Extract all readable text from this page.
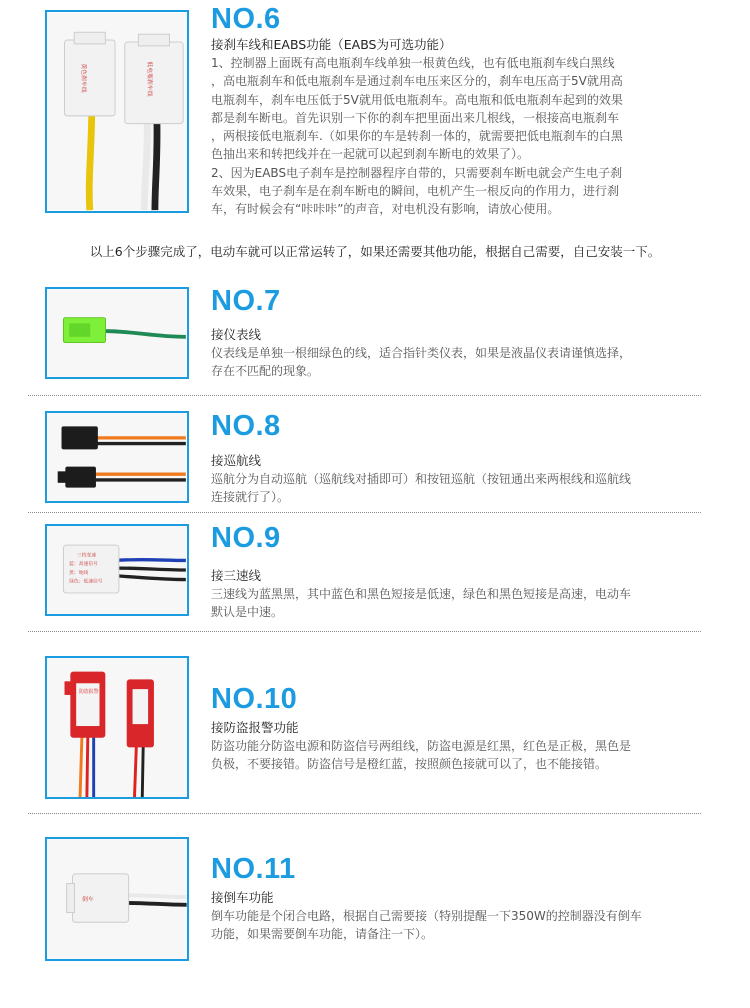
黄色刹车线	低电瓶刹车线
NO.6
接刹车线和EABS功能（EABS为可选功能）
1、控制器上面既有高电瓶刹车线单独一根黄色线，也有低电瓶刹车线白黑线
，高电瓶刹车和低电瓶刹车是通过刹车电压来区分的，刹车电压高于5V就用高
电瓶刹车，刹车电压低于5V就用低电瓶刹车。高电瓶和低电瓶刹车起到的效果
都是刹车断电。首先识别一下你的刹车把里面出来几根线，一根接高电瓶刹车
，两根接低电瓶刹车.（如果你的车是转刹一体的，就需要把低电瓶刹车的白黑
色抽出来和转把线并在一起就可以起到刹车断电的效果了）。
2、因为EABS电子刹车是控制器程序自带的，只需要刹车断电就会产生电子刹
车效果，电子刹车是在刹车断电的瞬间，电机产生一根反向的作用力，进行刹
车，有时候会有“咔咔咔”的声音，对电机没有影响，请放心使用。
以上6个步骤完成了，电动车就可以正常运转了，如果还需要其他功能，根据自己需要，自己安装一下。
NO.7
接仪表线
仪表线是单独一根细绿色的线，适合指针类仪表，如果是液晶仪表请谨慎选择，
存在不匹配的现象。
NO.8
接巡航线
巡航分为自动巡航（巡航线对插即可）和按钮巡航（按钮通出来两根线和巡航线
连接就行了）。
三档变速
蓝：高速信号
黑：地线
绿色：低速信号
NO.9
接三速线
三速线为蓝黑黑，其中蓝色和黑色短接是低速，绿色和黑色短接是高速，电动车
默认是中速。
防盗报警	NO.10
接防盗报警功能
防盗功能分防盗电源和防盗信号两组线，防盗电源是红黑，红色是正极，黑色是
负极，不要接错。防盗信号是橙红蓝，按照颜色接就可以了，也不能接错。
倒车
NO.11
接倒车功能
倒车功能是个闭合电路，根据自己需要接（特别提醒一下350W的控制器没有倒车
功能，如果需要倒车功能，请备注一下）。
